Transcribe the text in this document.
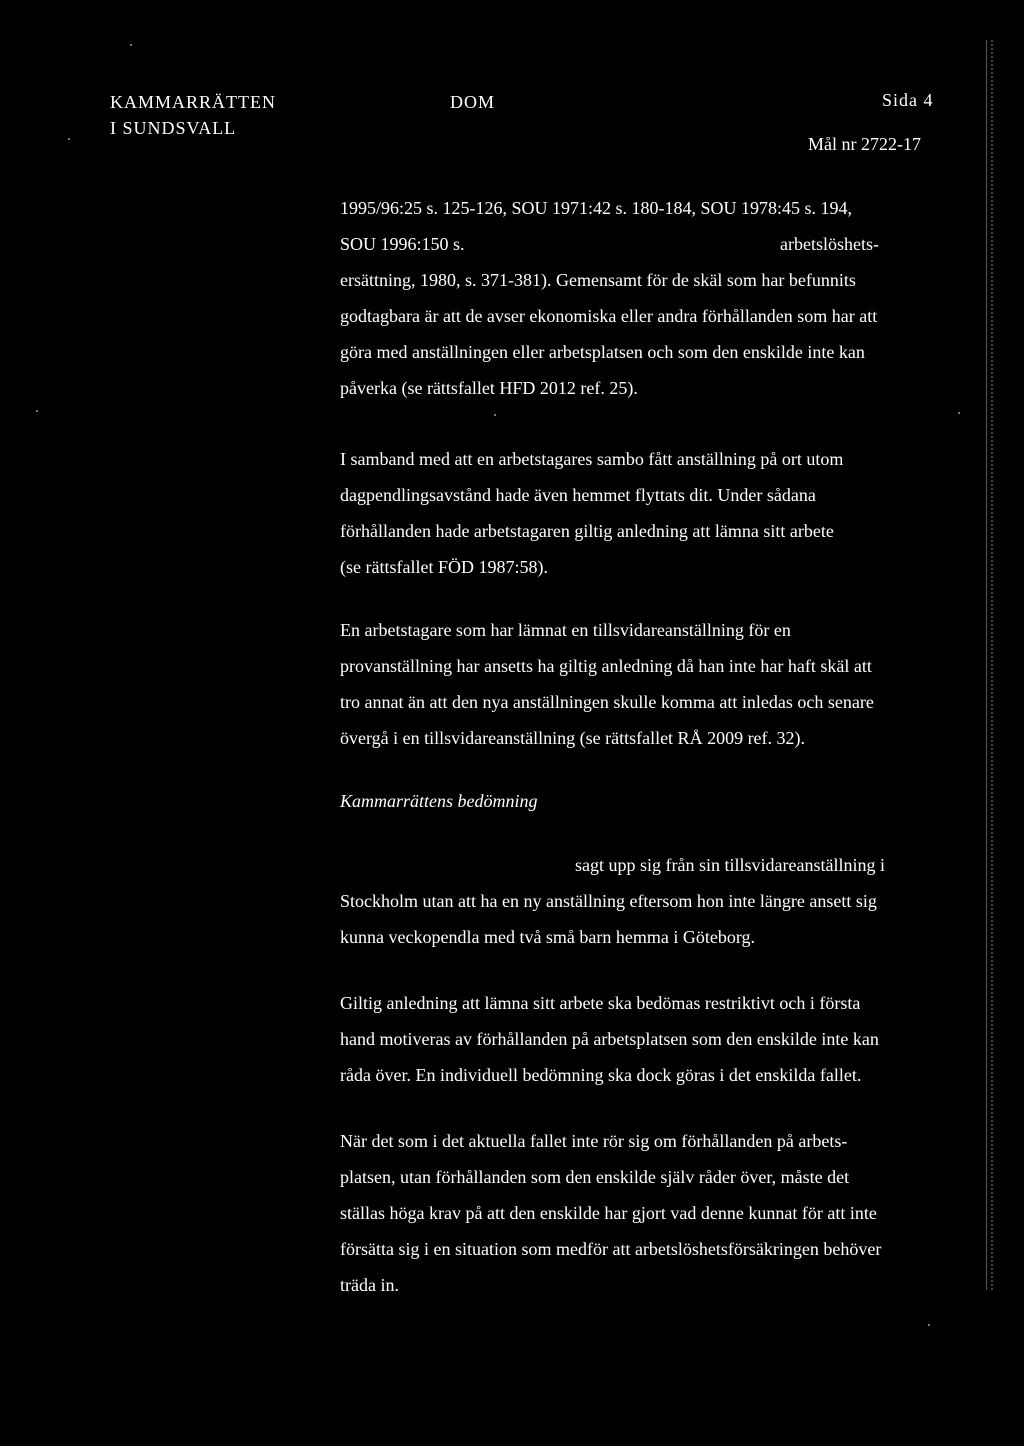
KAMMARRÄTTEN
I SUNDSVALL
DOM	Sida 4
Mål nr 2722-17
1995/96:25 s. 125-126, SOU 1971:42 s. 180-184, SOU 1978:45 s. 194,
SOU 1996:150 s.	arbetslöshets-
ersättning, 1980, s. 371-381). Gemensamt för de skäl som har befunnits
godtagbara är att de avser ekonomiska eller andra förhållanden som har att
göra med anställningen eller arbetsplatsen och som den enskilde inte kan
påverka (se rättsfallet HFD 2012 ref. 25).
I samband med att en arbetstagares sambo fått anställning på ort utom
dagpendlingsavstånd hade även hemmet flyttats dit. Under sådana
förhållanden hade arbetstagaren giltig anledning att lämna sitt arbete
(se rättsfallet FÖD 1987:58).
En arbetstagare som har lämnat en tillsvidareanställning för en
provanställning har ansetts ha giltig anledning då han inte har haft skäl att
tro annat än att den nya anställningen skulle komma att inledas och senare
övergå i en tillsvidareanställning (se rättsfallet RÅ 2009 ref. 32).
Kammarrättens bedömning
sagt upp sig från sin tillsvidareanställning i
Stockholm utan att ha en ny anställning eftersom hon inte längre ansett sig
kunna veckopendla med två små barn hemma i Göteborg.
Giltig anledning att lämna sitt arbete ska bedömas restriktivt och i första
hand motiveras av förhållanden på arbetsplatsen som den enskilde inte kan
råda över. En individuell bedömning ska dock göras i det enskilda fallet.
När det som i det aktuella fallet inte rör sig om förhållanden på arbets-
platsen, utan förhållanden som den enskilde själv råder över, måste det
ställas höga krav på att den enskilde har gjort vad denne kunnat för att inte
försätta sig i en situation som medför att arbetslöshetsförsäkringen behöver
träda in.
